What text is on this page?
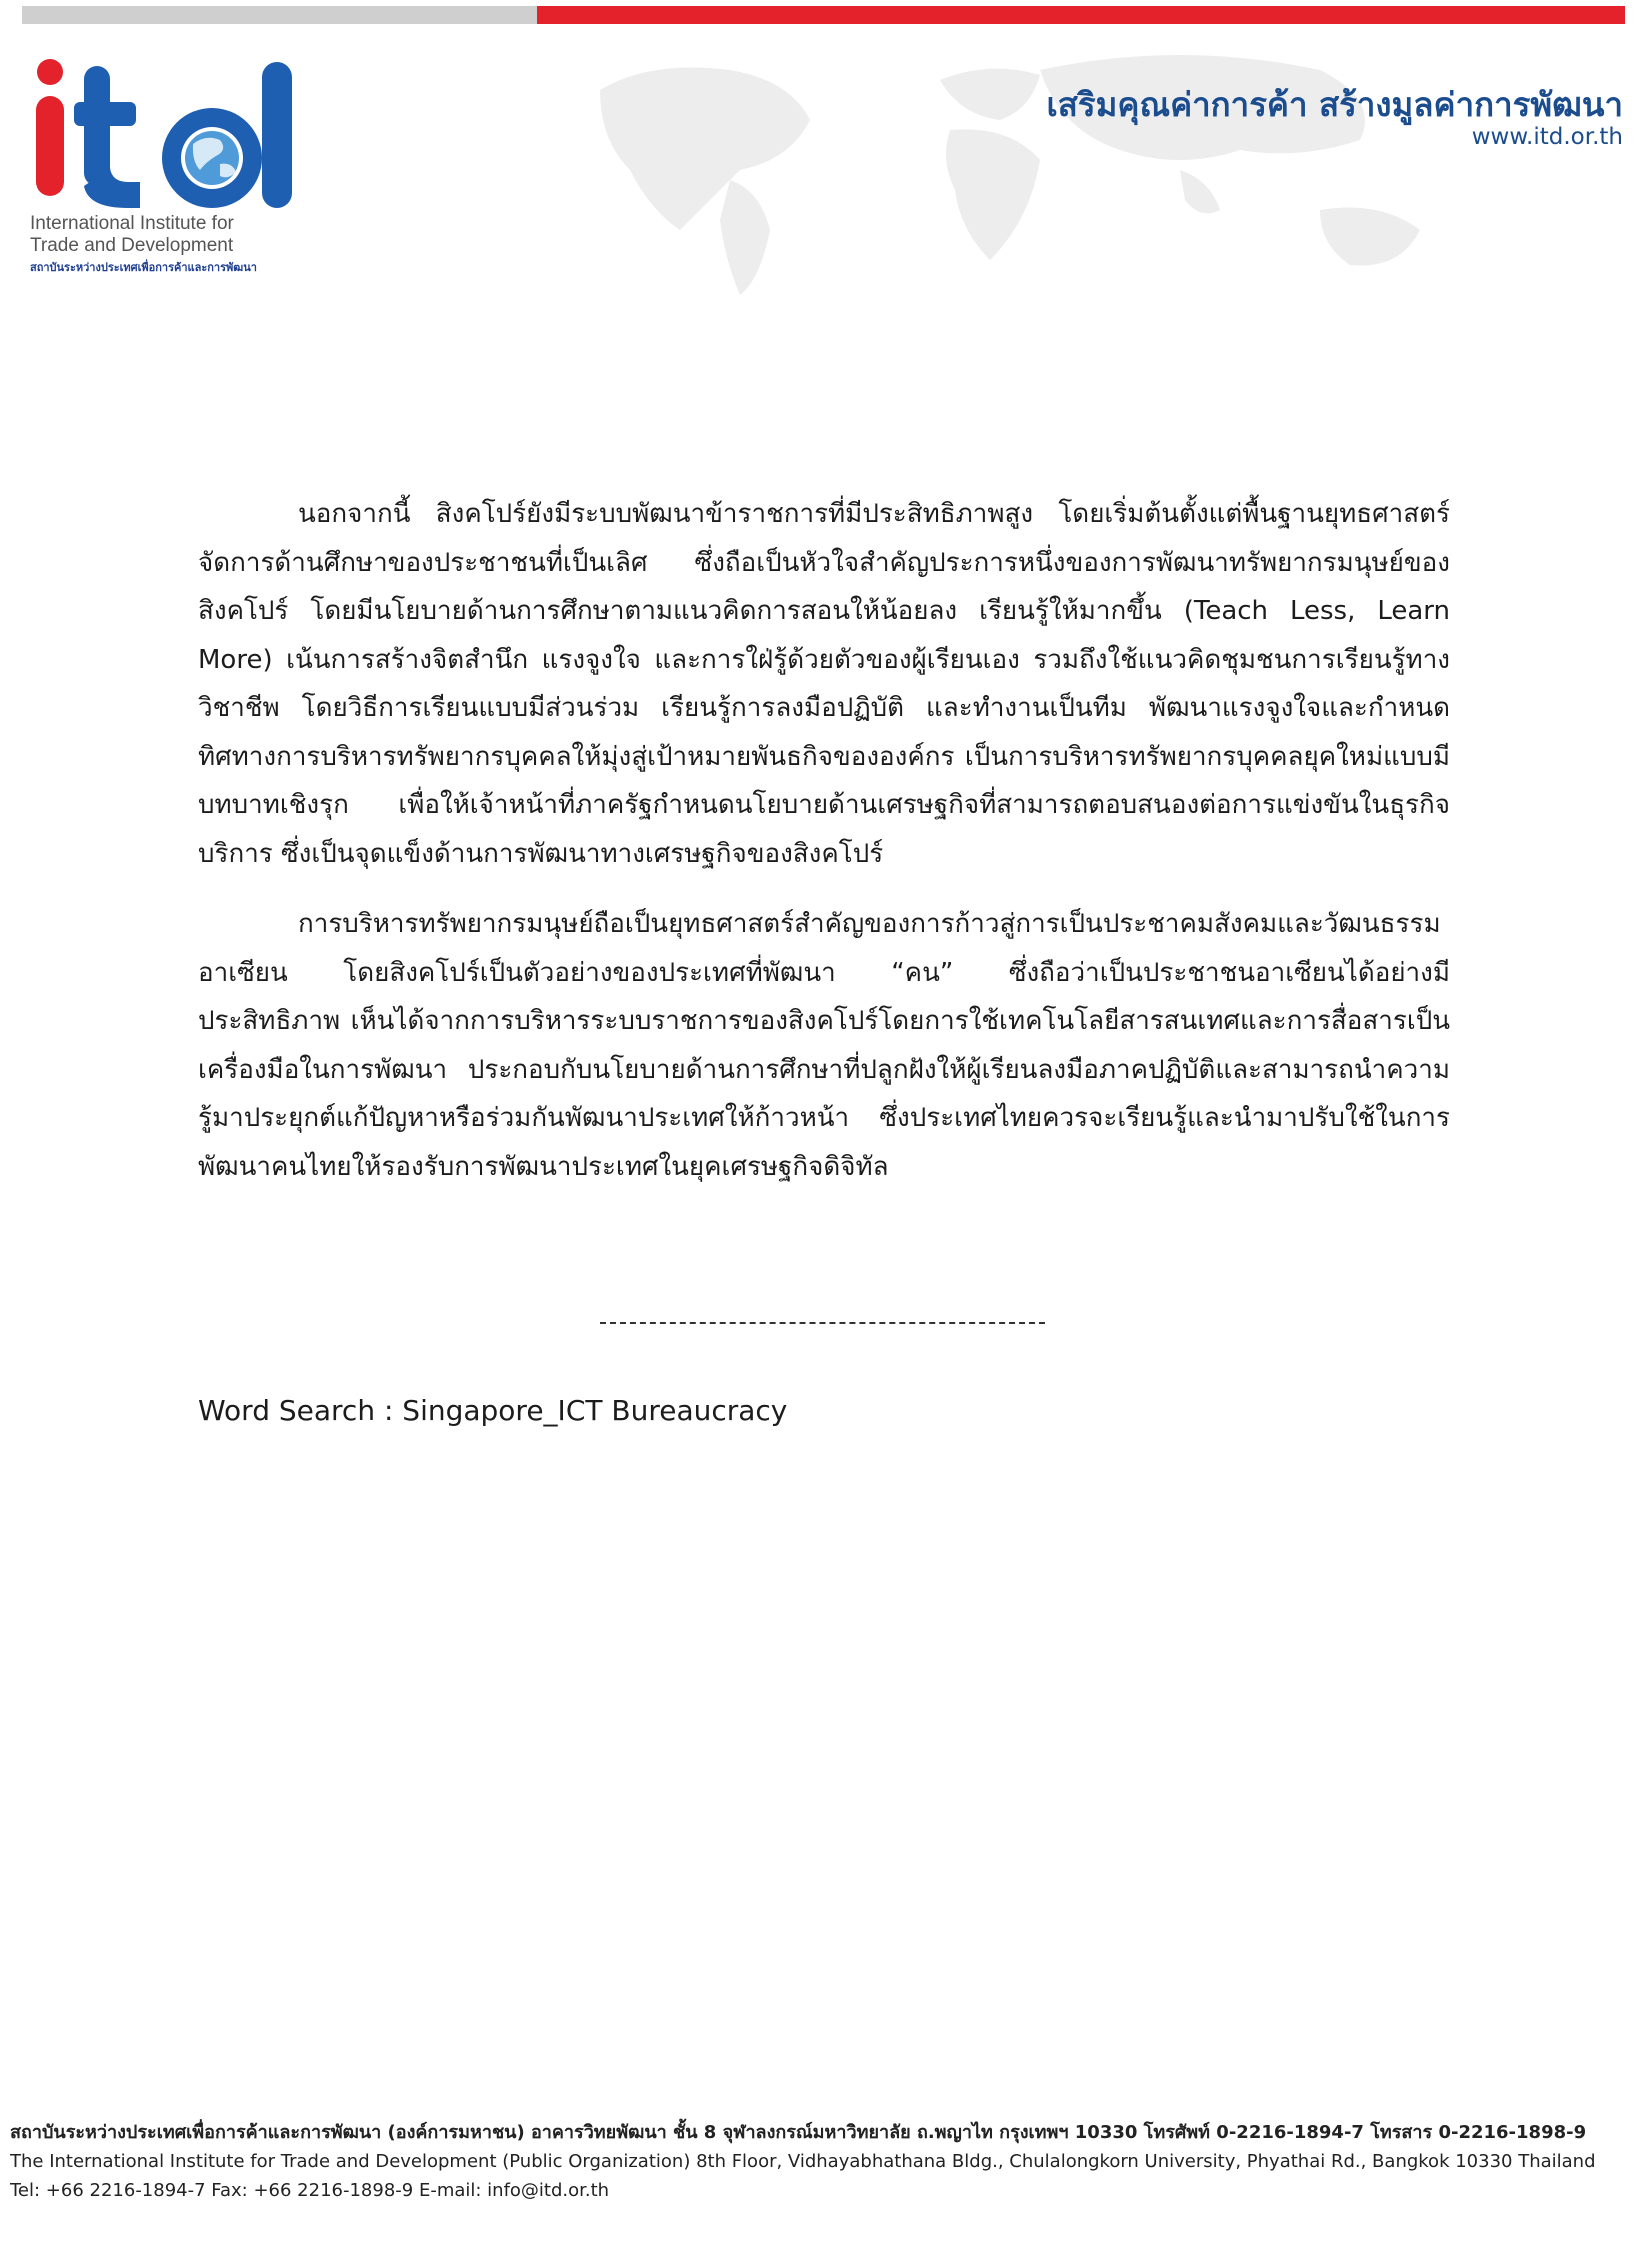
International Institute for
Trade and Development
สถาบันระหว่างประเทศเพื่อการค้าและการพัฒนา
เสริมคุณค่าการค้า สร้างมูลค่าการพัฒนา
www.itd.or.th

นอกจากนี้ สิงคโปร์ยังมีระบบพัฒนาข้าราชการที่มีประสิทธิภาพสูง โดยเริ่มต้นตั้งแต่พื้นฐานยุทธศาสตร์จัดการด้านศึกษาของประชาชนที่เป็นเลิศ ซึ่งถือเป็นหัวใจสำคัญประการหนึ่งของการพัฒนาทรัพยากรมนุษย์ของสิงคโปร์ โดยมีนโยบายด้านการศึกษาตามแนวคิดการสอนให้น้อยลง เรียนรู้ให้มากขึ้น (Teach Less, Learn More) เน้นการสร้างจิตสำนึก แรงจูงใจ และการใฝ่รู้ด้วยตัวของผู้เรียนเอง รวมถึงใช้แนวคิดชุมชนการเรียนรู้ทางวิชาชีพ โดยวิธีการเรียนแบบมีส่วนร่วม เรียนรู้การลงมือปฏิบัติ และทำงานเป็นทีม พัฒนาแรงจูงใจและกำหนดทิศทางการบริหารทรัพยากรบุคคลให้มุ่งสู่เป้าหมายพันธกิจขององค์กร เป็นการบริหารทรัพยากรบุคคลยุคใหม่แบบมีบทบาทเชิงรุก เพื่อให้เจ้าหน้าที่ภาครัฐกำหนดนโยบายด้านเศรษฐกิจที่สามารถตอบสนองต่อการแข่งขันในธุรกิจบริการ ซึ่งเป็นจุดแข็งด้านการพัฒนาทางเศรษฐกิจของสิงคโปร์

การบริหารทรัพยากรมนุษย์ถือเป็นยุทธศาสตร์สำคัญของการก้าวสู่การเป็นประชาคมสังคมและวัฒนธรรมอาเซียน โดยสิงคโปร์เป็นตัวอย่างของประเทศที่พัฒนา “คน” ซึ่งถือว่าเป็นประชาชนอาเซียนได้อย่างมีประสิทธิภาพ เห็นได้จากการบริหารระบบราชการของสิงคโปร์โดยการใช้เทคโนโลยีสารสนเทศและการสื่อสารเป็นเครื่องมือในการพัฒนา ประกอบกับนโยบายด้านการศึกษาที่ปลูกฝังให้ผู้เรียนลงมือภาคปฏิบัติและสามารถนำความรู้มาประยุกต์แก้ปัญหาหรือร่วมกันพัฒนาประเทศให้ก้าวหน้า ซึ่งประเทศไทยควรจะเรียนรู้และนำมาปรับใช้ในการพัฒนาคนไทยให้รองรับการพัฒนาประเทศในยุคเศรษฐกิจดิจิทัล

Word Search : Singapore_ICT Bureaucracy
สถาบันระหว่างประเทศเพื่อการค้าและการพัฒนา (องค์การมหาชน) อาคารวิทยพัฒนา ชั้น 8 จุฬาลงกรณ์มหาวิทยาลัย ถ.พญาไท กรุงเทพฯ 10330 โทรศัพท์ 0-2216-1894-7 โทรสาร 0-2216-1898-9
The International Institute for Trade and Development (Public Organization) 8th Floor, Vidhayabhathana Bldg., Chulalongkorn University, Phyathai Rd., Bangkok 10330 Thailand
Tel: +66 2216-1894-7 Fax: +66 2216-1898-9 E-mail: info@itd.or.th
